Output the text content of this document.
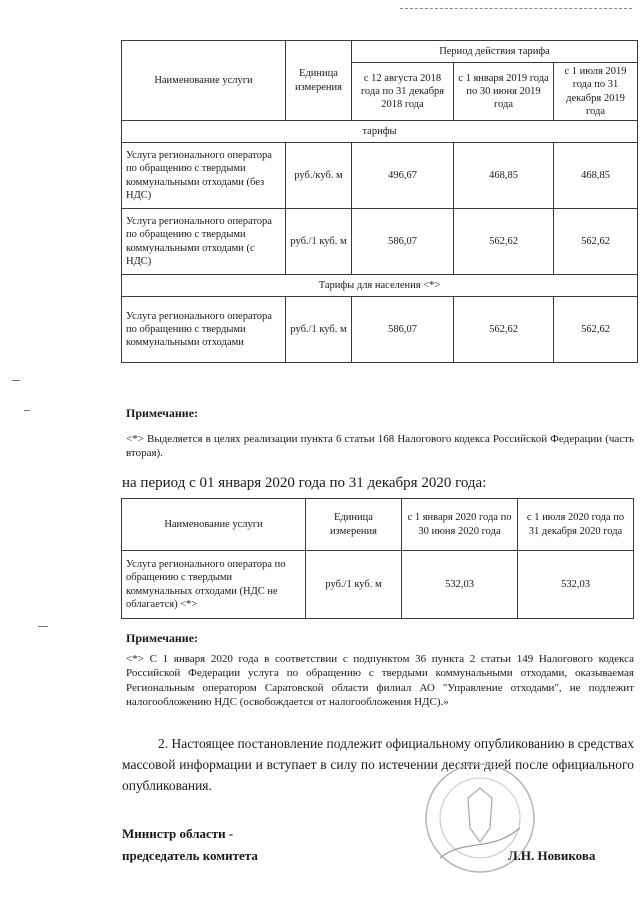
Наименование услуги	Единица измерения	Период действия тарифа		
		с 12 августа 2018 года по 31 декабря 2018 года	с 1 января 2019 года по 30 июня 2019 года	с 1 июля 2019 года по 31 декабря 2019 года
тарифы				
Услуга регионального оператора по обращению с твердыми коммунальными отходами (без НДС)	руб./куб. м	496,67	468,85	468,85
Услуга регионального оператора по обращению с твердыми коммунальными отходами (с НДС)	руб./1 куб. м	586,07	562,62	562,62
Тарифы для населения <*>				
Услуга регионального оператора по обращению с твердыми коммунальными отходами	руб./1 куб. м	586,07	562,62	562,62
Примечание:
<*> Выделяется в целях реализации пункта 6 статьи 168 Налогового кодекса Российской Федерации (часть вторая).
на период с 01 января 2020 года по 31 декабря 2020 года:
Наименование услуги	Единица измерения	с 1 января 2020 года по 30 июня 2020 года	с 1 июля 2020 года по 31 декабря 2020 года
Услуга регионального оператора по обращению с твердыми коммунальных отходами (НДС не облагается) <*>	руб./1 куб. м	532,03	532,03
Примечание:
<*> С 1 января 2020 года в соответствии с подпунктом 36 пункта 2 статьи 149 Налогового кодекса Российской Федерации услуга по обращению с твердыми коммунальными отходами, оказываемая Региональным оператором Саратовской области филиал АО "Управление отходами", не подлежит налогообложению НДС (освобождается от налогообложения НДС).»
2. Настоящее постановление подлежит официальному опубликованию в средствах массовой информации и вступает в силу по истечении десяти дней после официального опубликования.
Министр области -
председатель комитета	Л.Н. Новикова
